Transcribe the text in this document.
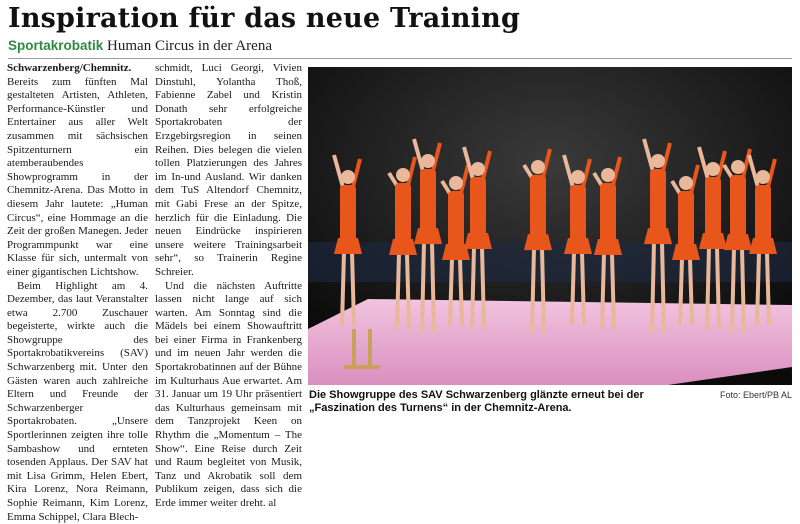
Inspiration für das neue Training

Sportakrobatik Human Circus in der Arena

Schwarzenberg/Chemnitz.

Bereits zum fünften Mal gestalteten Artisten, Athleten, Performance-Künstler und Entertainer aus aller Welt zusammen mit sächsischen Spitzenturnern ein atemberaubendes Showprogramm in der Chemnitz-Arena. Das Motto in diesem Jahr lautete: „Human Circus“, eine Hommage an die Zeit der großen Manegen. Jeder Programmpunkt war eine Klasse für sich, untermalt von einer gigantischen Lichtshow.

Beim Highlight am 4. Dezember, das laut Veranstalter etwa 2.700 Zuschauer begeisterte, wirkte auch die Showgruppe des Sportakrobatikvereins (SAV) Schwarzenberg mit. Unter den Gästen waren auch zahlreiche Eltern und Freunde der Schwarzenberger Sportakrobaten. „Unsere Sportlerinnen zeigten ihre tolle Sambashow und ernteten tosenden Applaus. Der SAV hat mit Lisa Grimm, Helen Ebert, Kira Lorenz, Nora Reimann, Sophie Reimann, Kim Lorenz, Emma Schippel, Clara Blech-

schmidt, Luci Georgi, Vivien Dinstuhl, Yolantha Thoß, Fabienne Zabel und Kristin Donath sehr erfolgreiche Sportakrobaten der Erzgebirgsregion in seinen Reihen. Dies belegen die vielen tollen Platzierungen des Jahres im In-und Ausland. Wir danken dem TuS Altendorf Chemnitz, mit Gabi Frese an der Spitze, herzlich für die Einladung. Die neuen Eindrücke inspirieren unsere weitere Trainingsarbeit sehr“, so Trainerin Regine Schreier.

Und die nächsten Auftritte lassen nicht lange auf sich warten. Am Sonntag sind die Mädels bei einem Showauftritt bei einer Firma in Frankenberg und im neuen Jahr werden die Sportakrobatinnen auf der Bühne im Kulturhaus Aue erwartet. Am 31. Januar um 19 Uhr präsentiert das Kulturhaus gemeinsam mit dem Tanzprojekt Keen on Rhythm die „Momentum – The Show“. Eine Reise durch Zeit und Raum begleitet von Musik, Tanz und Akrobatik soll dem Publikum zeigen, dass sich die Erde immer weiter dreht. al

Die Showgruppe des SAV Schwarzenberg glänzte erneut bei der „Faszination des Turnens“ in der Chemnitz-Arena.

Foto: Ebert/PB AL
